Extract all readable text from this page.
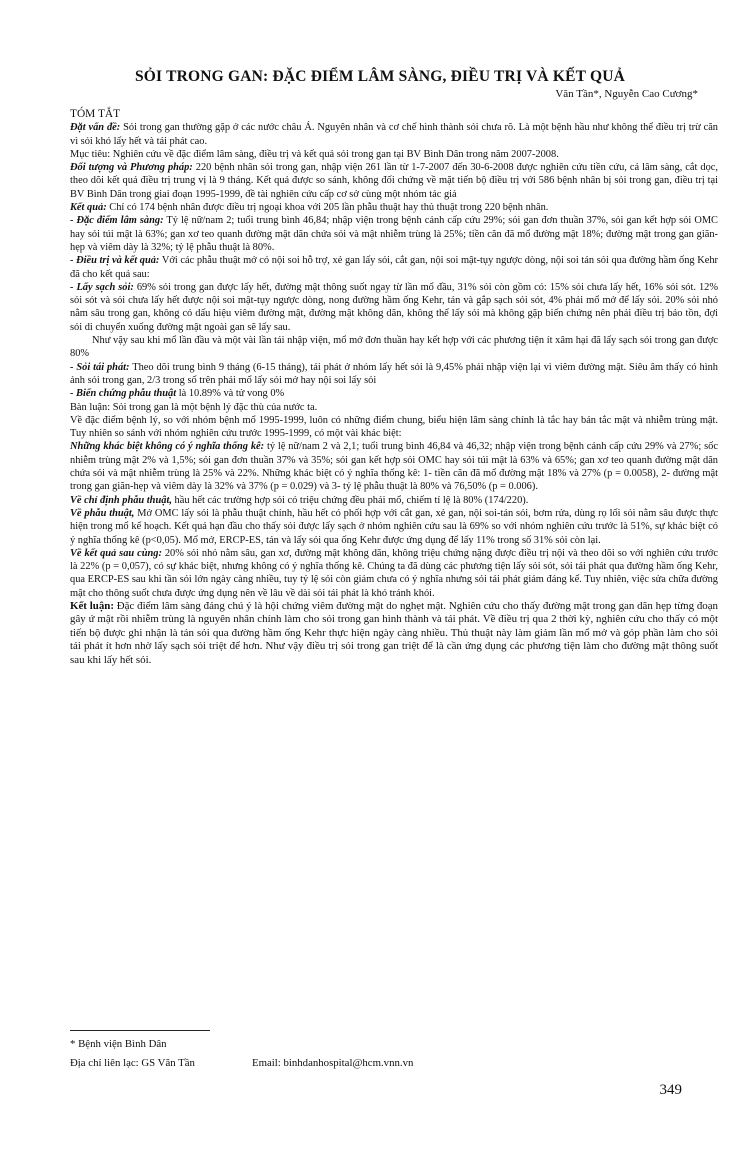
SỎI TRONG GAN: ĐẶC ĐIỂM LÂM SÀNG, ĐIỀU TRỊ VÀ KẾT QUẢ
Văn Tần*, Nguyễn Cao Cương*

TÓM TẮT

Đặt vấn đề: Sỏi trong gan thường gặp ở các nước châu Á. Nguyên nhân và cơ chế hình thành sỏi chưa rõ. Là một bệnh hầu như không thể điều trị trừ căn vì sỏi khó lấy hết và tái phát cao.

Mục tiêu: Nghiên cứu về đặc điểm lâm sàng, điều trị và kết quả sỏi trong gan tại BV Bình Dân trong năm 2007-2008.

Đối tượng và Phương pháp: 220 bệnh nhân sỏi trong gan, nhập viện 261 lần từ 1-7-2007 đến 30-6-2008 được nghiên cứu tiền cứu, cả lâm sàng, cắt dọc, theo dõi kết quả điều trị trung vị là 9 tháng. Kết quả được so sánh, không đối chứng về mặt tiến bộ điều trị với 586 bệnh nhân bị sỏi trong gan, điều trị tại BV Bình Dân trong giai đoạn 1995-1999, đề tài nghiên cứu cấp cơ sở cùng một nhóm tác giả

Kết quả: Chỉ có 174 bệnh nhân được điều trị ngoại khoa với 205 lần phẫu thuật hay thủ thuật trong 220 bệnh nhân.

- Đặc điểm lâm sàng: Tỷ lệ nữ/nam 2; tuổi trung bình 46,84; nhập viện trong bệnh cảnh cấp cứu 29%; sỏi gan đơn thuần 37%, sỏi gan kết hợp sỏi OMC hay sỏi túi mật là 63%; gan xơ teo quanh đường mật dãn chứa sỏi và mật nhiễm trùng là 25%; tiền căn đã mổ đường mật 18%; đường mật trong gan giãn-hẹp và viêm dày là 32%; tỷ lệ phẫu thuật là 80%.

- Điều trị và kết quả: Với các phẫu thuật mở có nội soi hỗ trợ, xẻ gan lấy sỏi, cắt gan, nội soi mật-tụy ngược dòng, nội soi tán sỏi qua đường hầm ống Kehr đã cho kết quả sau:

- Lấy sạch sỏi: 69% sỏi trong gan được lấy hết, đường mật thông suốt ngay từ lần mổ đầu, 31% sỏi còn gồm có: 15% sỏi chưa lấy hết, 16% sỏi sót. 12% sỏi sót và sỏi chưa lấy hết được nội soi mật-tụy ngược dòng, nong đường hầm ống Kehr, tán và gắp sạch sỏi sót, 4% phải mổ mở để lấy sỏi. 20% sỏi nhỏ nằm sâu trong gan, không có dấu hiệu viêm đường mật, đường mật không dãn, không thể lấy sỏi mà không gặp biến chứng nên phải điều trị bảo tồn, đợi sỏi di chuyển xuống đường mật ngoài gan sẽ lấy sau.

Như vậy sau khi mổ lần đầu và một vài lần tái nhập viện, mổ mở đơn thuần hay kết hợp với các phương tiện ít xâm hại đã lấy sạch sỏi trong gan được 80%

- Sỏi tái phát: Theo dõi trung bình 9 tháng (6-15 tháng), tái phát ở nhóm lấy hết sỏi là 9,45% phải nhập viện lại vì viêm đường mật. Siêu âm thấy có hình ảnh sỏi trong gan, 2/3 trong số trên phải mổ lấy sỏi mở hay nội soi lấy sỏi

- Biến chứng phẫu thuật là 10.89% và tử vong 0%

Bàn luận: Sỏi trong gan là một bệnh lý đặc thù của nước ta.

Về đặc điểm bệnh lý, so với nhóm bệnh mổ 1995-1999, luôn có những điểm chung, biểu hiện lâm sàng chính là tắc hay bán tắc mật và nhiễm trùng mật. Tuy nhiên so sánh với nhóm nghiên cứu trước 1995-1999, có một vài khác biệt:

Những khác biệt không có ý nghĩa thống kê: tỷ lệ nữ/nam 2 và 2,1; tuổi trung bình 46,84 và 46,32; nhập viện trong bệnh cảnh cấp cứu 29% và 27%; sốc nhiễm trùng mật 2% và 1,5%; sỏi gan đơn thuần 37% và 35%; sỏi gan kết hợp sỏi OMC hay sỏi túi mật là 63% và 65%; gan xơ teo quanh đường mật dãn chứa sỏi và mật nhiễm trùng là 25% và 22%. Những khác biệt có ý nghĩa thống kê: 1- tiền căn đã mổ đường mật 18% và 27% (p = 0.0058), 2- đường mật trong gan giãn-hẹp và viêm dày là 32% và 37% (p = 0.029) và 3- tỷ lệ phẫu thuật là 80% và 76,50% (p = 0.006).

Về chỉ định phẫu thuật, hầu hết các trường hợp sỏi có triệu chứng đều phải mổ, chiếm tỉ lệ là 80% (174/220).

Về phẫu thuật, Mở OMC lấy sỏi là phẫu thuật chính, hầu hết có phối hợp với cắt gan, xẻ gan, nội soi-tán sỏi, bơm rửa, dùng rọ lối sỏi nằm sâu được thực hiện trong mổ kế hoạch. Kết quả hạn đầu cho thấy sỏi được lấy sạch ở nhóm nghiên cứu sau là 69% so với nhóm nghiên cứu trước là 51%, sự khác biệt có ý nghĩa thống kê (p<0,05). Mổ mở, ERCP-ES, tán và lấy sỏi qua ống Kehr được ứng dụng để lấy 11% trong số 31% sỏi còn lại.

Về kết quả sau cùng: 20% sỏi nhỏ nằm sâu, gan xơ, đường mật không dãn, không triệu chứng nặng được điều trị nội và theo dõi so với nghiên cứu trước là 22% (p = 0,057), có sự khác biệt, nhưng không có ý nghĩa thống kê. Chúng ta đã dùng các phương tiện lấy sỏi sót, sỏi tái phát qua đường hầm ống Kehr, qua ERCP-ES sau khi tần sỏi lớn ngày càng nhiều, tuy tỷ lệ sỏi còn giảm chưa có ý nghĩa nhưng sỏi tái phát giảm đáng kể. Tuy nhiên, việc sửa chữa đường mật cho thông suốt chưa được ứng dụng nên về lâu về dài sỏi tái phát là khó tránh khỏi.

Kết luận: Đặc điểm lâm sàng đáng chú ý là hội chứng viêm đường mật do nghẹt mật. Nghiên cứu cho thấy đường mật trong gan dãn hẹp từng đoạn gây ứ mật rồi nhiễm trùng là nguyên nhân chính làm cho sỏi trong gan hình thành và tái phát. Về điều trị qua 2 thời kỳ, nghiên cứu cho thấy có một tiến bộ được ghi nhận là tán sỏi qua đường hầm ống Kehr thực hiện ngày càng nhiều. Thủ thuật này làm giảm lần mổ mở và góp phần làm cho sỏi tái phát ít hơn nhờ lấy sạch sỏi triệt để hơn. Như vậy điều trị sỏi trong gan triệt để là cần ứng dụng các phương tiện làm cho đường mật thông suốt sau khi lấy hết sỏi.

* Bệnh viện Bình Dân
Địa chỉ liên lạc: GS Văn Tần	Email: binhdanhospital@hcm.vnn.vn
349
